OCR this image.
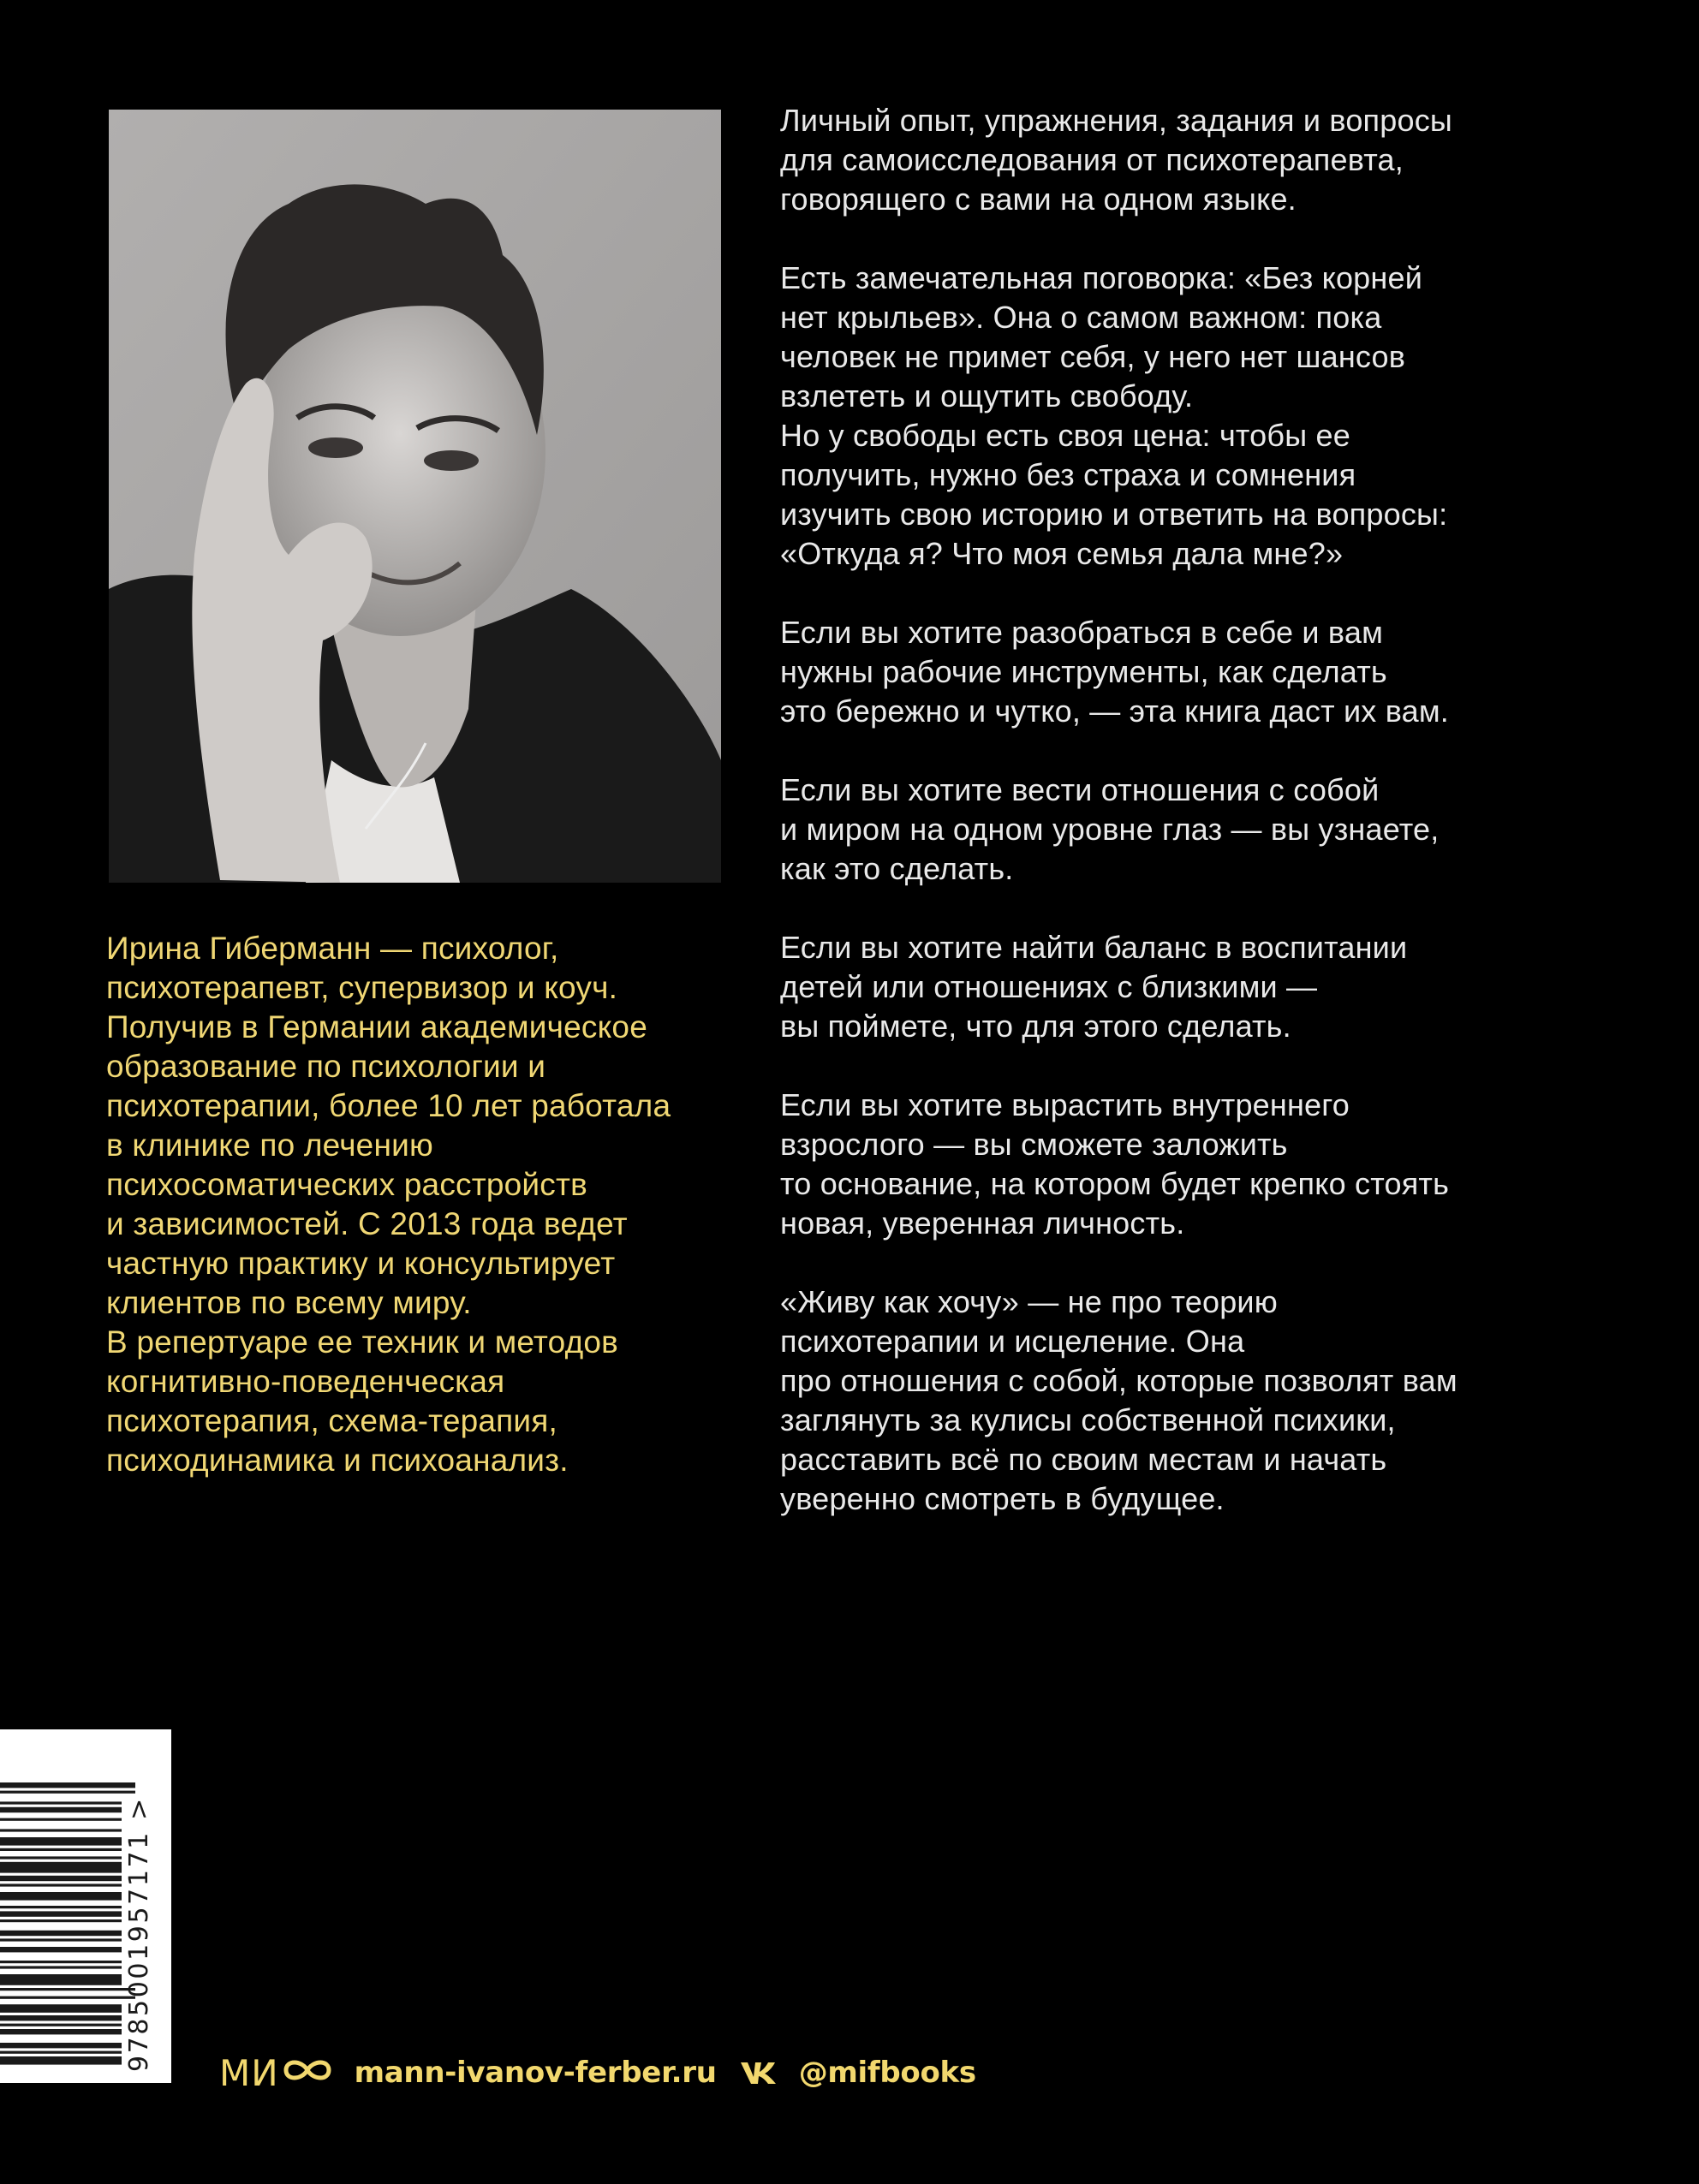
Ирина Гиберманн — психолог,
психотерапевт, супервизор и коуч.
Получив в Германии академическое
образование по психологии и
психотерапии, более 10 лет работала
в клинике по лечению
психосоматических расстройств
и зависимостей. С 2013 года ведет
частную практику и консультирует
клиентов по всему миру.
В репертуаре ее техник и методов
когнитивно-поведенческая
психотерапия, схема-терапия,
психодинамика и психоанализ.
Личный опыт, упражнения, задания и вопросы
для самоисследования от психотерапевта,
говорящего с вами на одном языке.
Есть замечательная поговорка: «Без корней
нет крыльев». Она о самом важном: пока
человек не примет себя, у него нет шансов
взлететь и ощутить свободу.
Но у свободы есть своя цена: чтобы ее
получить, нужно без страха и сомнения
изучить свою историю и ответить на вопросы:
«Откуда я? Что моя семья дала мне?»
Если вы хотите разобраться в себе и вам
нужны рабочие инструменты, как сделать
это бережно и чутко, — эта книга даст их вам.
Если вы хотите вести отношения с собой
и миром на одном уровне глаз — вы узнаете,
как это сделать.
Если вы хотите найти баланс в воспитании
детей или отношениях с близкими —
вы поймете, что для этого сделать.
Если вы хотите вырастить внутреннего
взрослого — вы сможете заложить
то основание, на котором будет крепко стоять
новая, уверенная личность.
«Живу как хочу» — не про теорию
психотерапии и исцеление. Она
про отношения с собой, которые позволят вам
заглянуть за кулисы собственной психики,
расставить всё по своим местам и начать
уверенно смотреть в будущее.
9785001957171 >
МИ	mann-ivanov-ferber.ru	@mifbooks
